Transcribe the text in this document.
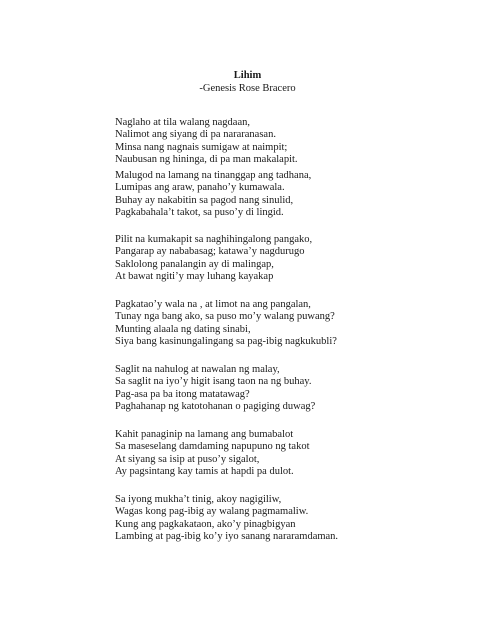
Lihim
-Genesis Rose Bracero
Naglaho at tila walang nagdaan,
Nalimot ang siyang di pa nararanasan.
Minsa nang nagnais sumigaw at naimpit;
Naubusan ng hininga, di pa man makalapit.
Malugod na lamang na tinanggap ang tadhana,
Lumipas ang araw, panaho’y kumawala.
Buhay ay nakabitin sa pagod nang sinulid,
Pagkabahala’t takot, sa puso’y di lingid.
Pilit na kumakapit sa naghihingalong pangako,
Pangarap ay nababasag; katawa’y nagdurugo
Saklolong panalangin ay di malingap,
At bawat ngiti’y may luhang kayakap
Pagkatao’y wala na , at limot na ang pangalan,
Tunay nga bang ako, sa puso mo’y walang puwang?
Munting alaala ng dating sinabi,
Siya bang kasinungalingang sa pag-ibig nagkukubli?
Saglit na nahulog at nawalan ng malay,
Sa saglit na iyo’y higit isang taon na ng buhay.
Pag-asa pa ba itong matatawag?
Paghahanap ng katotohanan o pagiging duwag?
Kahit panaginip na lamang ang bumabalot
Sa maseselang damdaming napupuno ng takot
At siyang sa isip at puso’y sigalot,
Ay pagsintang kay tamis at hapdi pa dulot.
Sa iyong mukha’t tinig, akoy nagigiliw,
Wagas kong pag-ibig ay walang pagmamaliw.
Kung ang pagkakataon, ako’y pinagbigyan
Lambing at pag-ibig ko’y iyo sanang nararamdaman.
